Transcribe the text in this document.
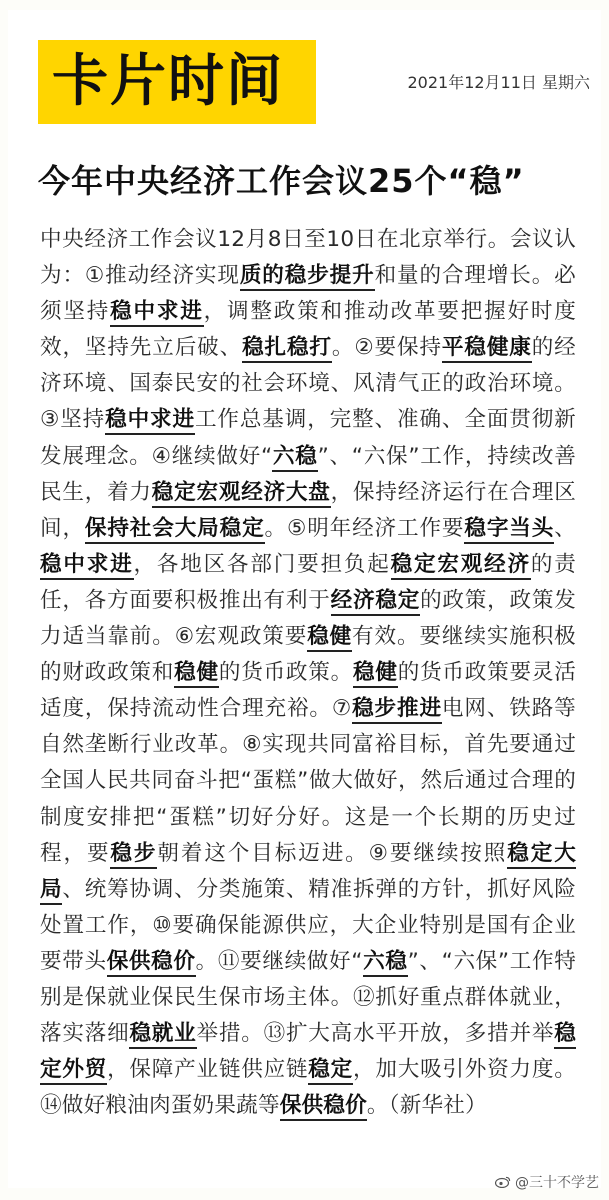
卡片时间	2021年12月11日 星期六
今年中央经济工作会议25个“稳”
中央经济工作会议12月8日至10日在北京举行。会议认为：①推动经济实现质的稳步提升和量的合理增长。必须坚持稳中求进，调整政策和推动改革要把握好时度效，坚持先立后破、稳扎稳打。②要保持平稳健康的经济环境、国泰民安的社会环境、风清气正的政治环境。③坚持稳中求进工作总基调，完整、准确、全面贯彻新发展理念。④继续做好“六稳”、“六保”工作，持续改善民生，着力稳定宏观经济大盘，保持经济运行在合理区间，保持社会大局稳定。⑤明年经济工作要稳字当头、稳中求进，各地区各部门要担负起稳定宏观经济的责任，各方面要积极推出有利于经济稳定的政策，政策发力适当靠前。⑥宏观政策要稳健有效。要继续实施积极的财政政策和稳健的货币政策。稳健的货币政策要灵活适度，保持流动性合理充裕。⑦稳步推进电网、铁路等自然垄断行业改革。⑧实现共同富裕目标，首先要通过全国人民共同奋斗把“蛋糕”做大做好，然后通过合理的制度安排把“蛋糕”切好分好。这是一个长期的历史过程，要稳步朝着这个目标迈进。⑨要继续按照稳定大局、统筹协调、分类施策、精准拆弹的方针，抓好风险处置工作，⑩要确保能源供应，大企业特别是国有企业要带头保供稳价。⑪要继续做好“六稳”、“六保”工作特别是保就业保民生保市场主体。⑫抓好重点群体就业，落实落细稳就业举措。⑬扩大高水平开放，多措并举稳定外贸，保障产业链供应链稳定，加大吸引外资力度。⑭做好粮油肉蛋奶果蔬等保供稳价。（新华社）
@三十不学艺
